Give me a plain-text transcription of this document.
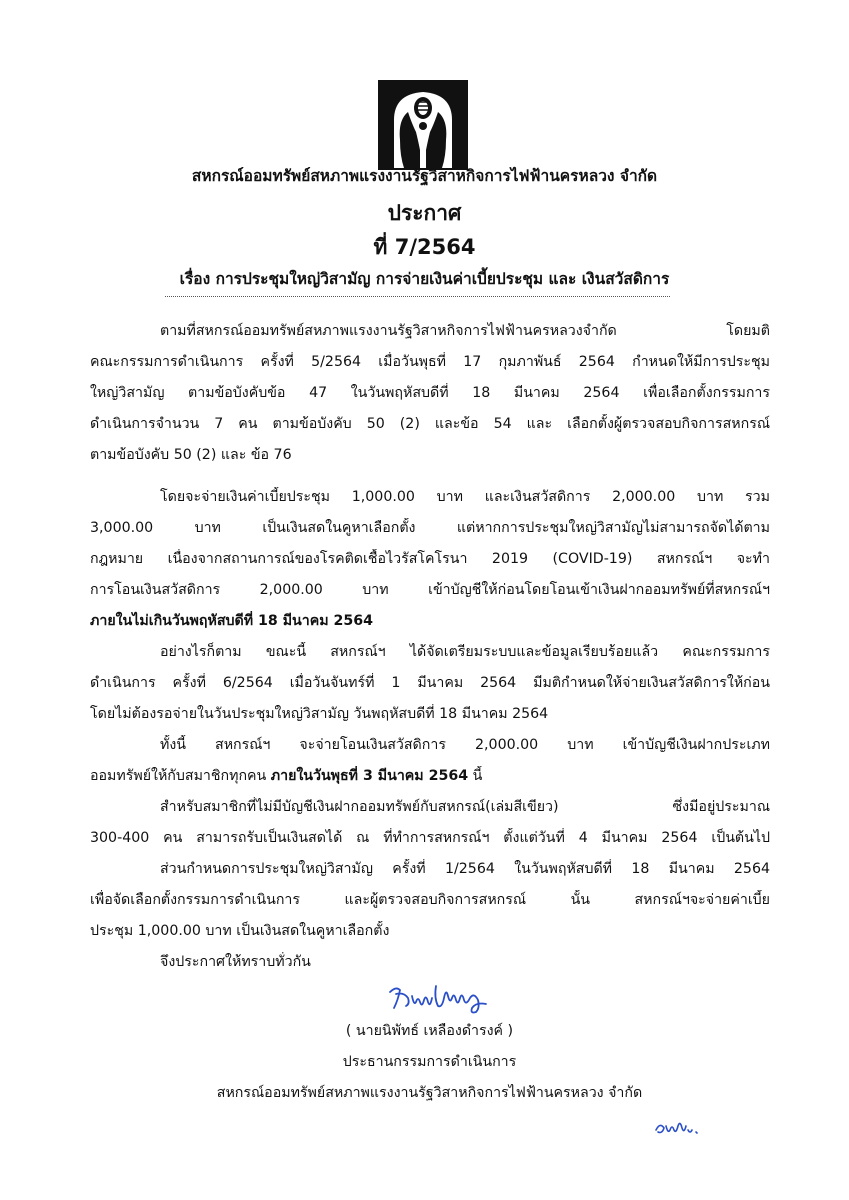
สหกรณ์ออมทรัพย์สหภาพแรงงานรัฐวิสาหกิจการไฟฟ้านครหลวง จำกัด
ประกาศ
ที่ 7/2564
เรื่อง การประชุมใหญ่วิสามัญ การจ่ายเงินค่าเบี้ยประชุม และ เงินสวัสดิการ
ตามที่สหกรณ์ออมทรัพย์สหภาพแรงงานรัฐวิสาหกิจการไฟฟ้านครหลวงจำกัด โดยมติ
คณะกรรมการดำเนินการ ครั้งที่ 5/2564 เมื่อวันพุธที่ 17 กุมภาพันธ์ 2564 กำหนดให้มีการประชุม
ใหญ่วิสามัญ ตามข้อบังคับข้อ 47 ในวันพฤหัสบดีที่ 18 มีนาคม 2564 เพื่อเลือกตั้งกรรมการ
ดำเนินการจำนวน 7 คน ตามข้อบังคับ 50 (2) และข้อ 54 และ เลือกตั้งผู้ตรวจสอบกิจการสหกรณ์
ตามข้อบังคับ 50 (2) และ ข้อ 76
โดยจะจ่ายเงินค่าเบี้ยประชุม 1,000.00 บาท และเงินสวัสดิการ 2,000.00 บาท รวม
3,000.00 บาท เป็นเงินสดในคูหาเลือกตั้ง แต่หากการประชุมใหญ่วิสามัญไม่สามารถจัดได้ตาม
กฎหมาย เนื่องจากสถานการณ์ของโรคติดเชื้อไวรัสโคโรนา 2019 (COVID-19) สหกรณ์ฯ จะทำ
การโอนเงินสวัสดิการ 2,000.00 บาท เข้าบัญชีให้ก่อนโดยโอนเข้าเงินฝากออมทรัพย์ที่สหกรณ์ฯ
ภายในไม่เกินวันพฤหัสบดีที่ 18 มีนาคม 2564
อย่างไรก็ตาม ขณะนี้ สหกรณ์ฯ ได้จัดเตรียมระบบและข้อมูลเรียบร้อยแล้ว คณะกรรมการ
ดำเนินการ ครั้งที่ 6/2564 เมื่อวันจันทร์ที่ 1 มีนาคม 2564 มีมติกำหนดให้จ่ายเงินสวัสดิการให้ก่อน
โดยไม่ต้องรอจ่ายในวันประชุมใหญ่วิสามัญ วันพฤหัสบดีที่ 18 มีนาคม 2564
ทั้งนี้ สหกรณ์ฯ จะจ่ายโอนเงินสวัสดิการ 2,000.00 บาท เข้าบัญชีเงินฝากประเภท
ออมทรัพย์ให้กับสมาชิกทุกคน ภายในวันพุธที่ 3 มีนาคม 2564 นี้
สำหรับสมาชิกที่ไม่มีบัญชีเงินฝากออมทรัพย์กับสหกรณ์(เล่มสีเขียว) ซึ่งมีอยู่ประมาณ
300-400 คน สามารถรับเป็นเงินสดได้ ณ ที่ทำการสหกรณ์ฯ ตั้งแต่วันที่ 4 มีนาคม 2564 เป็นต้นไป
ส่วนกำหนดการประชุมใหญ่วิสามัญ ครั้งที่ 1/2564 ในวันพฤหัสบดีที่ 18 มีนาคม 2564
เพื่อจัดเลือกตั้งกรรมการดำเนินการ และผู้ตรวจสอบกิจการสหกรณ์ นั้น สหกรณ์ฯจะจ่ายค่าเบี้ย
ประชุม 1,000.00 บาท เป็นเงินสดในคูหาเลือกตั้ง
จึงประกาศให้ทราบทั่วกัน
( นายนิพัทธ์ เหลืองดำรงค์ )
ประธานกรรมการดำเนินการ
สหกรณ์ออมทรัพย์สหภาพแรงงานรัฐวิสาหกิจการไฟฟ้านครหลวง จำกัด
